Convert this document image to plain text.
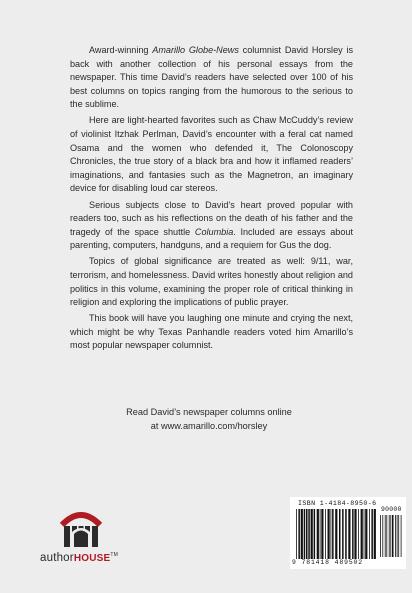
Award-winning Amarillo Globe-News columnist David Horsley is back with another collection of his personal essays from the newspaper. This time David’s readers have selected over 100 of his best columns on topics ranging from the humorous to the serious to the sublime.

Here are light-hearted favorites such as Chaw McCuddy’s review of violinist Itzhak Perlman, David’s encounter with a feral cat named Osama and the women who defended it, The Colonoscopy Chronicles, the true story of a black bra and how it inflamed readers’ imaginations, and fantasies such as the Magnetron, an imaginary device for disabling loud car stereos.

Serious subjects close to David’s heart proved popular with readers too, such as his reflections on the death of his father and the tragedy of the space shuttle Columbia. Included are essays about parenting, computers, handguns, and a requiem for Gus the dog.

Topics of global significance are treated as well: 9/11, war, terrorism, and homelessness. David writes honestly about religion and politics in this volume, examining the proper role of critical thinking in religion and exploring the implications of public prayer.

This book will have you laughing one minute and crying the next, which might be why Texas Panhandle readers voted him Amarillo’s most popular newspaper columnist.

Read David’s newspaper columns online
at www.amarillo.com/horsley
authorHOUSE™
ISBN 1-4184-8950-6
90000
9 781418 489502
